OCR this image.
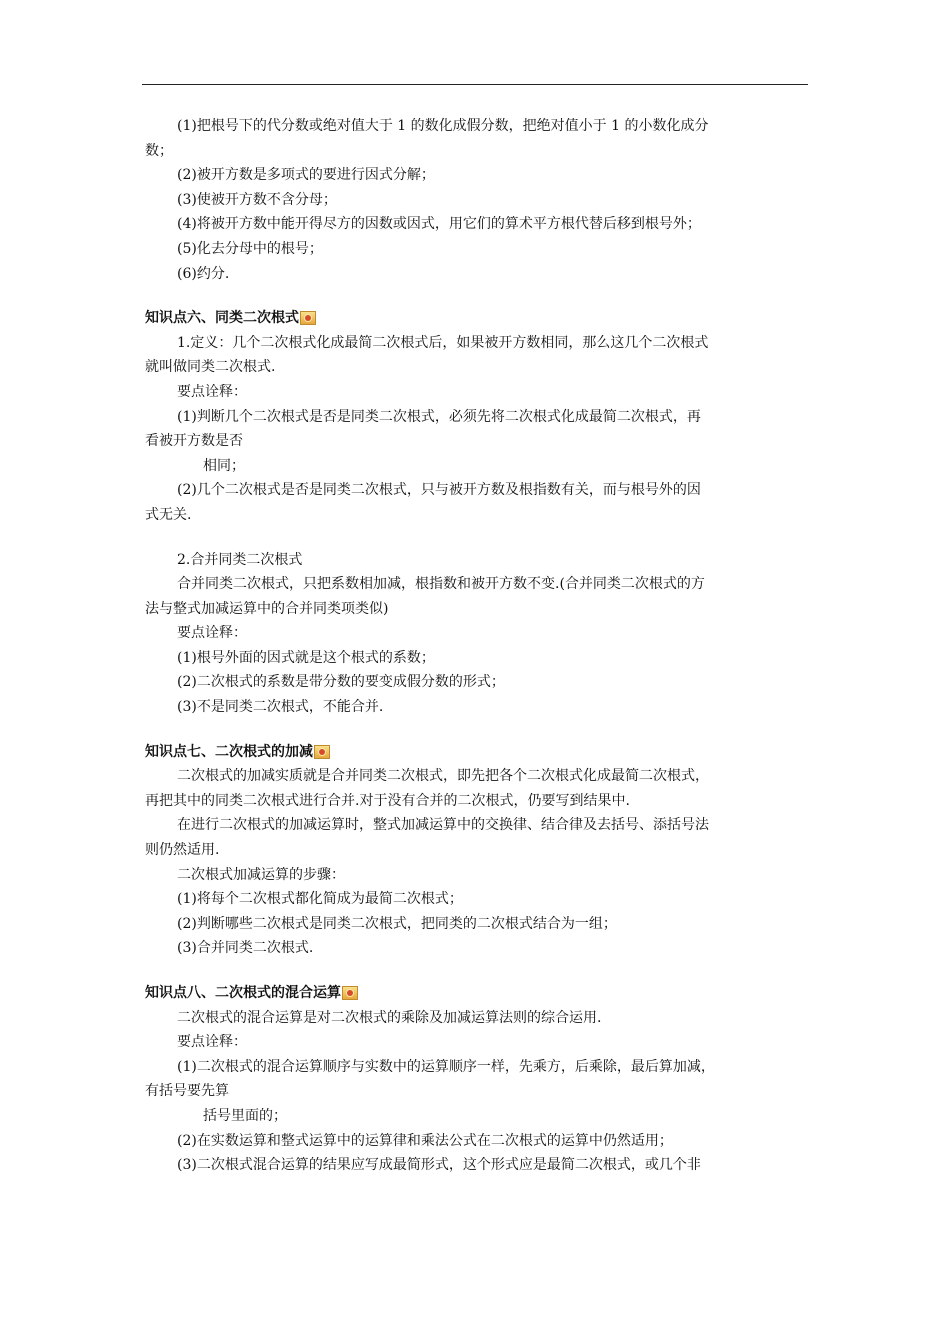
(1)把根号下的代分数或绝对值大于 1 的数化成假分数，把绝对值小于 1 的小数化成分

数；

(2)被开方数是多项式的要进行因式分解；

(3)使被开方数不含分母；

(4)将被开方数中能开得尽方的因数或因式，用它们的算术平方根代替后移到根号外；

(5)化去分母中的根号；

(6)约分.

知识点六、同类二次根式

1.定义：几个二次根式化成最简二次根式后，如果被开方数相同，那么这几个二次根式

就叫做同类二次根式.

要点诠释：

(1)判断几个二次根式是否是同类二次根式，必须先将二次根式化成最简二次根式，再

看被开方数是否

相同；

(2)几个二次根式是否是同类二次根式，只与被开方数及根指数有关，而与根号外的因

式无关.

2.合并同类二次根式

合并同类二次根式，只把系数相加减，根指数和被开方数不变.(合并同类二次根式的方

法与整式加减运算中的合并同类项类似)

要点诠释：

(1)根号外面的因式就是这个根式的系数；

(2)二次根式的系数是带分数的要变成假分数的形式；

(3)不是同类二次根式，不能合并.

知识点七、二次根式的加减

二次根式的加减实质就是合并同类二次根式，即先把各个二次根式化成最简二次根式，

再把其中的同类二次根式进行合并.对于没有合并的二次根式，仍要写到结果中.

在进行二次根式的加减运算时，整式加减运算中的交换律、结合律及去括号、添括号法

则仍然适用.

二次根式加减运算的步骤：

(1)将每个二次根式都化简成为最简二次根式；

(2)判断哪些二次根式是同类二次根式，把同类的二次根式结合为一组；

(3)合并同类二次根式.

知识点八、二次根式的混合运算

二次根式的混合运算是对二次根式的乘除及加减运算法则的综合运用.

要点诠释：

(1)二次根式的混合运算顺序与实数中的运算顺序一样，先乘方，后乘除，最后算加减，

有括号要先算

括号里面的；

(2)在实数运算和整式运算中的运算律和乘法公式在二次根式的运算中仍然适用；

(3)二次根式混合运算的结果应写成最简形式，这个形式应是最简二次根式，或几个非
